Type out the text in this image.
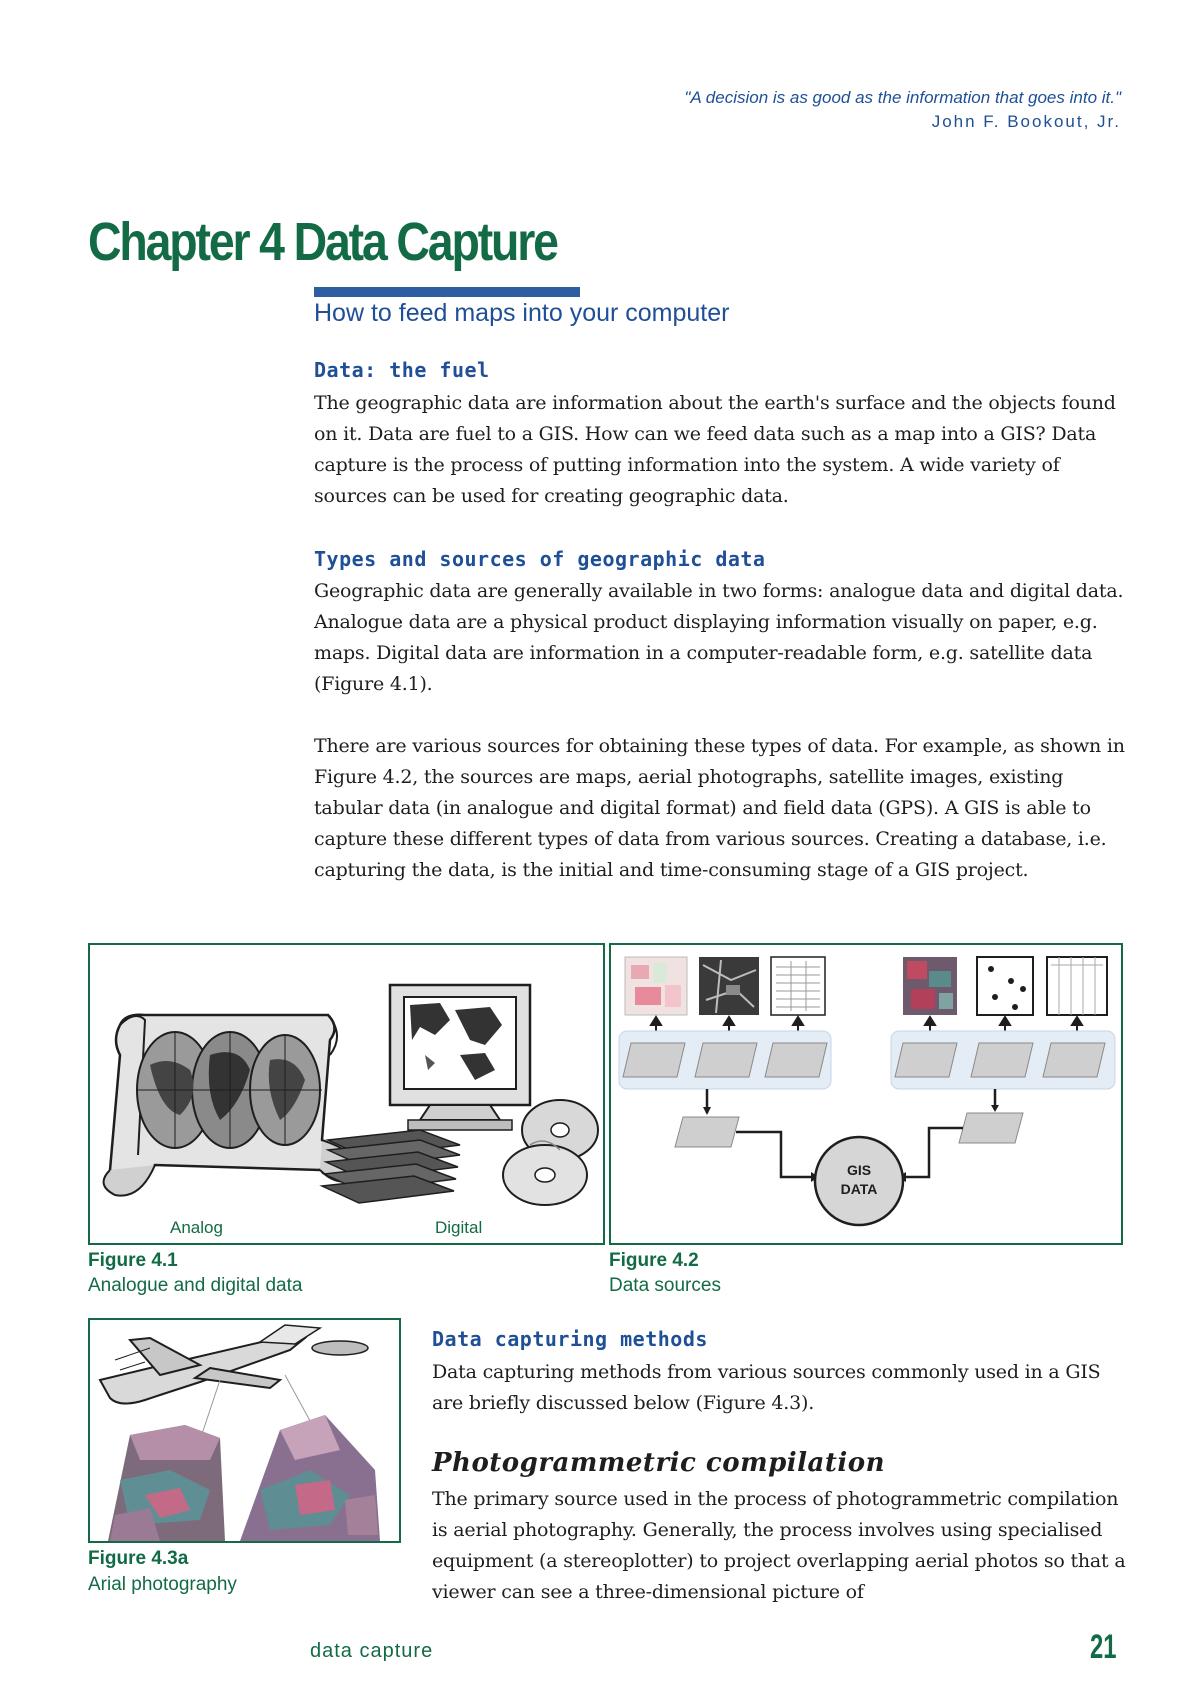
"A decision is as good as the information that goes into it."
John F. Bookout, Jr.
Chapter 4 Data Capture
How to feed maps into your computer
Data: the fuel

The geographic data are information about the earth's surface and the objects found on it. Data are fuel to a GIS. How can we feed data such as a map into a GIS? Data capture is the process of putting information into the system. A wide variety of sources can be used for creating geographic data.

Types and sources of geographic data

Geographic data are generally available in two forms: analogue data and digital data. Analogue data are a physical product displaying information visually on paper, e.g. maps. Digital data are information in a computer-readable form, e.g. satellite data (Figure 4.1).

There are various sources for obtaining these types of data. For example, as shown in Figure 4.2, the sources are maps, aerial photographs, satellite images, existing tabular data (in analogue and digital format) and field data (GPS). A GIS is able to capture these different types of data from various sources. Creating a database, i.e. capturing the data, is the initial and time-consuming stage of a GIS project.

Analog	Digital
Figure 4.1
Analogue and digital data
GIS
DATA
Figure 4.2
Data sources
Figure 4.3a
Arial photography
Data capturing methods

Data capturing methods from various sources commonly used in a GIS are briefly discussed below (Figure 4.3).

Photogrammetric compilation

The primary source used in the process of photogrammetric compilation is aerial photography. Generally, the process involves using specialised equipment (a stereoplotter) to project overlapping aerial photos so that a viewer can see a three-dimensional picture of

data capture	21
